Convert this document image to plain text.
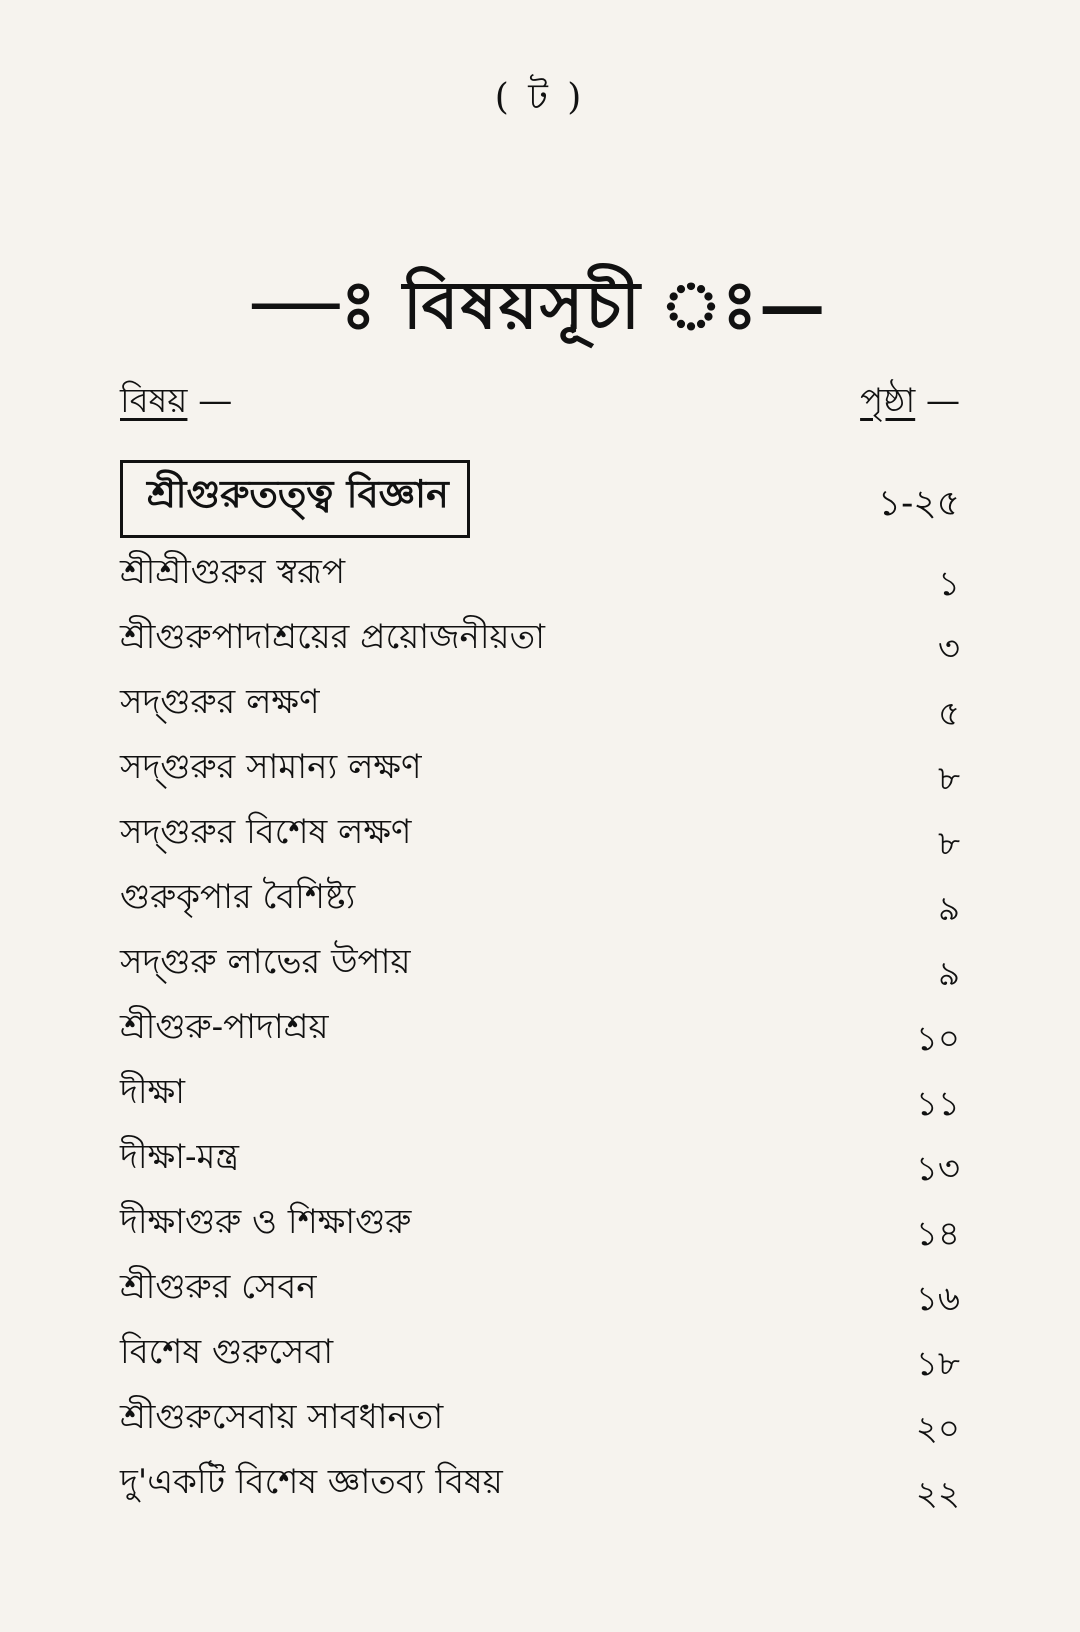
( ট )
—ঃ বিষয়সূচী ঃ—
বিষয় —	পৃষ্ঠা —
শ্রীগুরুতত্ত্ব বিজ্ঞান	১-২৫
শ্রীশ্রীগুরুর স্বরূপ	১
শ্রীগুরুপাদাশ্রয়ের প্রয়োজনীয়তা	৩
সদ্‌গুরুর লক্ষণ	৫
সদ্‌গুরুর সামান্য লক্ষণ	৮
সদ্‌গুরুর বিশেষ লক্ষণ	৮
গুরুকৃপার বৈশিষ্ট্য	৯
সদ্‌গুরু লাভের উপায়	৯
শ্রীগুরু-পাদাশ্রয়	১০
দীক্ষা	১১
দীক্ষা-মন্ত্র	১৩
দীক্ষাগুরু ও শিক্ষাগুরু	১৪
শ্রীগুরুর সেবন	১৬
বিশেষ গুরুসেবা	১৮
শ্রীগুরুসেবায় সাবধানতা	২০
দু'একটি বিশেষ জ্ঞাতব্য বিষয়	২২
